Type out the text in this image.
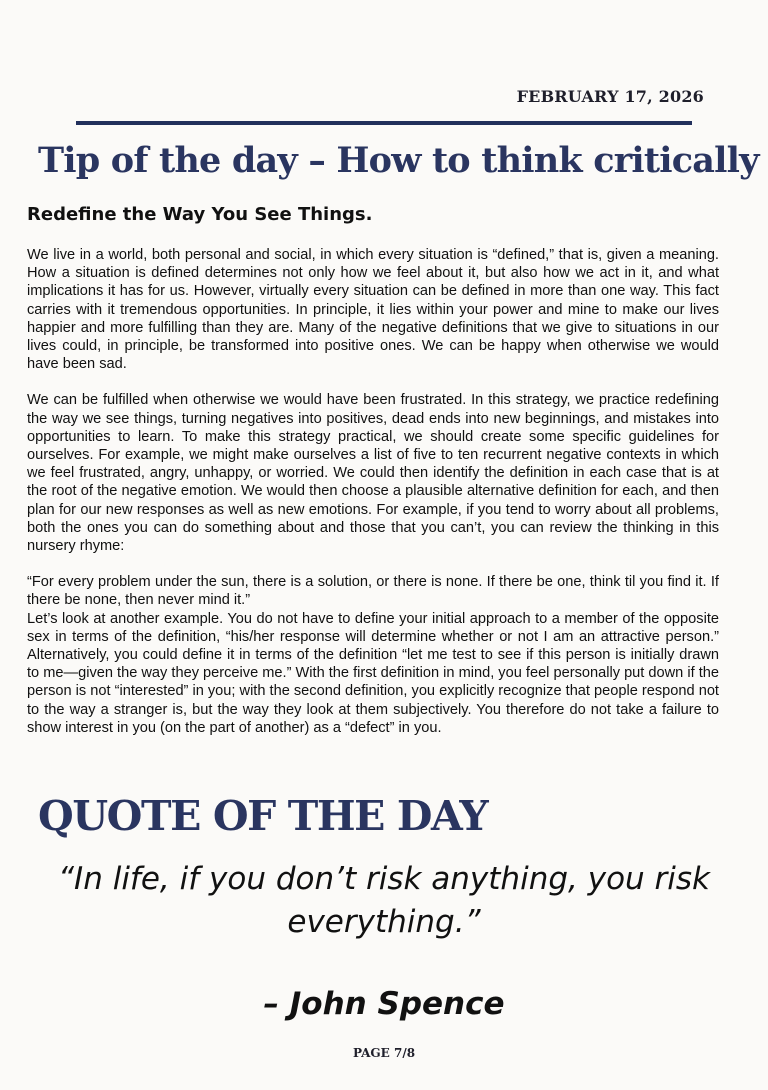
FEBRUARY 17, 2026
Tip of the day – How to think critically
Redefine the Way You See Things.

We live in a world, both personal and social, in which every situation is “defined,” that is, given a meaning. How a situation is defined determines not only how we feel about it, but also how we act in it, and what implications it has for us. However, virtually every situation can be defined in more than one way. This fact carries with it tremendous opportunities. In principle, it lies within your power and mine to make our lives happier and more fulfilling than they are. Many of the negative definitions that we give to situations in our lives could, in principle, be transformed into positive ones. We can be happy when otherwise we would have been sad.

We can be fulfilled when otherwise we would have been frustrated. In this strategy, we practice redefining the way we see things, turning negatives into positives, dead ends into new beginnings, and mistakes into opportunities to learn. To make this strategy practical, we should create some specific guidelines for ourselves. For example, we might make ourselves a list of five to ten recurrent negative contexts in which we feel frustrated, angry, unhappy, or worried. We could then identify the definition in each case that is at the root of the negative emotion. We would then choose a plausible alternative definition for each, and then plan for our new responses as well as new emotions. For example, if you tend to worry about all problems, both the ones you can do something about and those that you can’t, you can review the thinking in this nursery rhyme:

“For every problem under the sun, there is a solution, or there is none. If there be one, think til you find it. If there be none, then never mind it.”

Let’s look at another example. You do not have to define your initial approach to a member of the opposite sex in terms of the definition, “his/her response will determine whether or not I am an attractive person.” Alternatively, you could define it in terms of the definition “let me test to see if this person is initially drawn to me—given the way they perceive me.” With the first definition in mind, you feel personally put down if the person is not “interested” in you; with the second definition, you explicitly recognize that people respond not to the way a stranger is, but the way they look at them subjectively. You therefore do not take a failure to show interest in you (on the part of another) as a “defect” in you.

QUOTE OF THE DAY
“In life, if you don’t risk anything, you risk everything.”
– John Spence
PAGE 7/8
